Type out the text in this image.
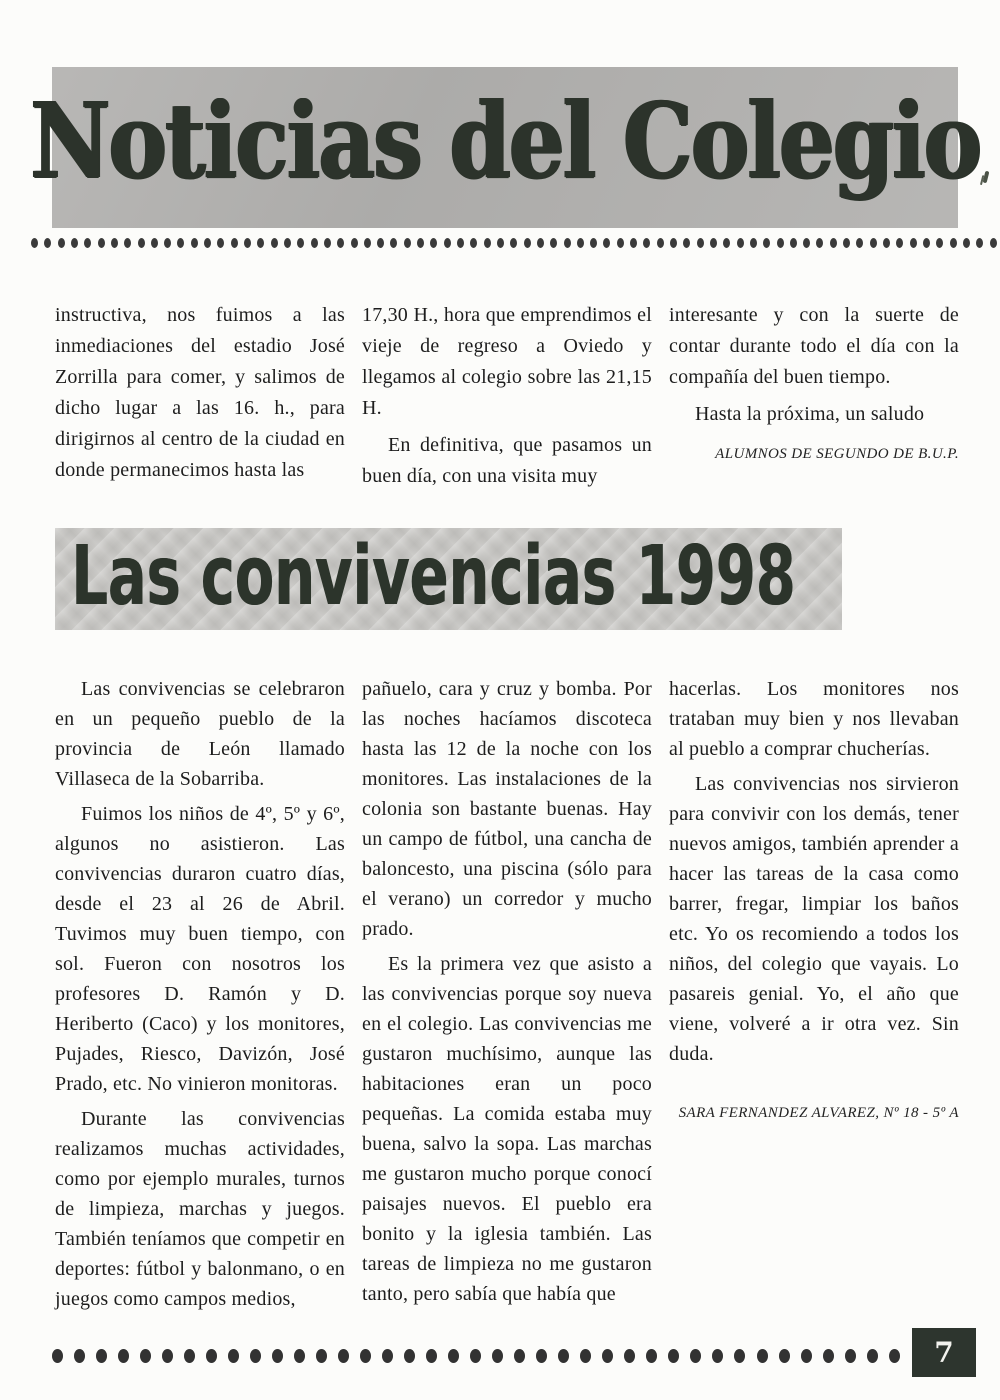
Noticias del Colegio

instructiva, nos fuimos a las inmediaciones del estadio José Zorrilla para comer, y salimos de dicho lugar a las 16. h., para dirigirnos al centro de la ciudad en donde permanecimos hasta las

17,30 H., hora que emprendimos el vieje de regreso a Oviedo y llegamos al colegio sobre las 21,15 H.

En definitiva, que pasamos un buen día, con una visita muy

interesante y con la suerte de contar durante todo el día con la compañía del buen tiempo.

Hasta la próxima, un saludo

ALUMNOS DE SEGUNDO DE B.U.P.
Las convivencias 1998

Las convivencias se celebraron en un pequeño pueblo de la provincia de León llamado Villaseca de la Sobarriba.

Fuimos los niños de 4º, 5º y 6º, algunos no asistieron. Las convivencias duraron cuatro días, desde el 23 al 26 de Abril. Tuvimos muy buen tiempo, con sol. Fueron con nosotros los profesores D. Ramón y D. Heriberto (Caco) y los monitores, Pujades, Riesco, Davizón, José Prado, etc. No vinieron monitoras.

Durante las convivencias realizamos muchas actividades, como por ejemplo murales, turnos de limpieza, marchas y juegos. También teníamos que competir en deportes: fútbol y balonmano, o en juegos como campos medios,

pañuelo, cara y cruz y bomba. Por las noches hacíamos discoteca hasta las 12 de la noche con los monitores. Las instalaciones de la colonia son bastante buenas. Hay un campo de fútbol, una cancha de baloncesto, una piscina (sólo para el verano) un corredor y mucho prado.

Es la primera vez que asisto a las convivencias porque soy nueva en el colegio. Las convivencias me gustaron muchísimo, aunque las habitaciones eran un poco pequeñas. La comida estaba muy buena, salvo la sopa. Las marchas me gustaron mucho porque conocí paisajes nuevos. El pueblo era bonito y la iglesia también. Las tareas de limpieza no me gustaron tanto, pero sabía que había que

hacerlas. Los monitores nos trataban muy bien y nos llevaban al pueblo a comprar chucherías.

Las convivencias nos sirvieron para convivir con los demás, tener nuevos amigos, también aprender a hacer las tareas de la casa como barrer, fregar, limpiar los baños etc. Yo os recomiendo a todos los niños, del colegio que vayais. Lo pasareis genial. Yo, el año que viene, volveré a ir otra vez. Sin duda.

SARA FERNANDEZ ALVAREZ, Nº 18 - 5º A
7
